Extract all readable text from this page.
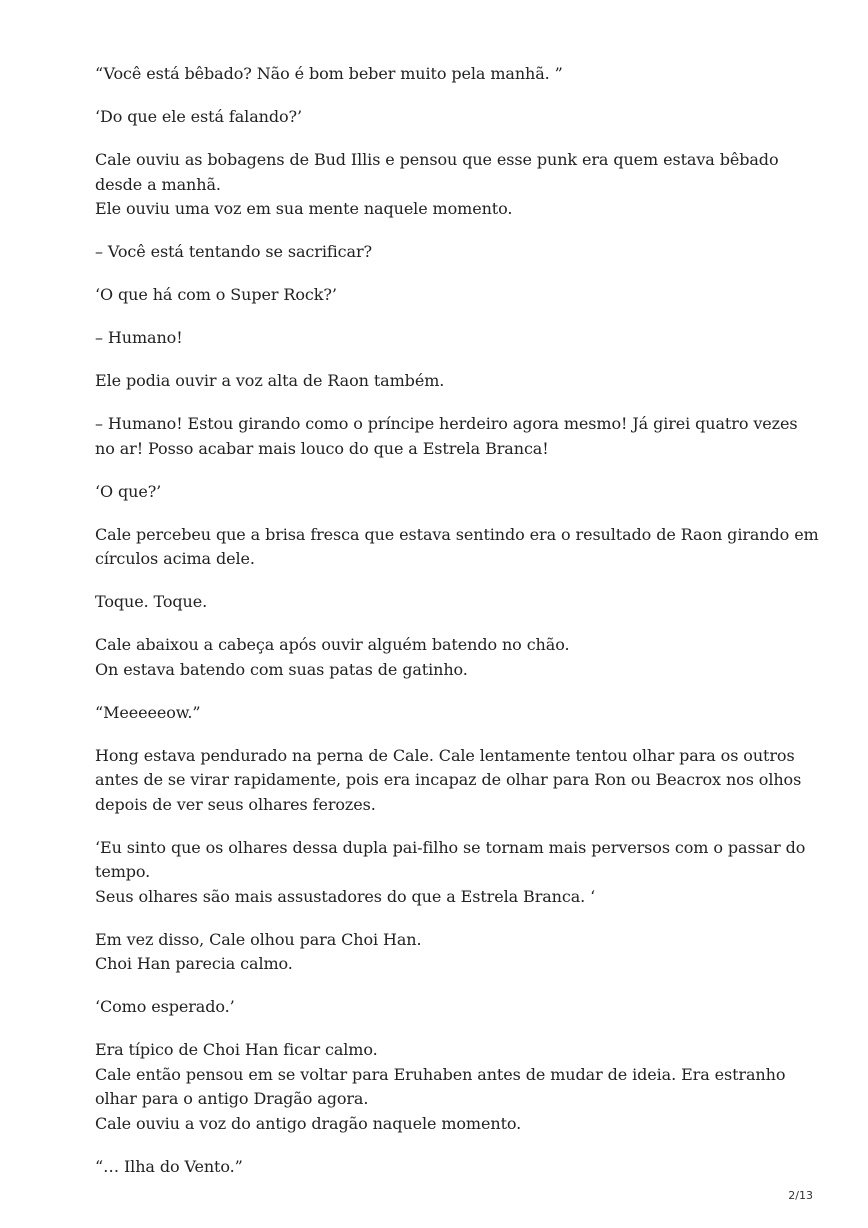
“Você está bêbado? Não é bom beber muito pela manhã. ”

‘Do que ele está falando?’

Cale ouviu as bobagens de Bud Illis e pensou que esse punk era quem estava bêbado
desde a manhã.
Ele ouviu uma voz em sua mente naquele momento.

– Você está tentando se sacrificar?

‘O que há com o Super Rock?’

– Humano!

Ele podia ouvir a voz alta de Raon também.

– Humano! Estou girando como o príncipe herdeiro agora mesmo! Já girei quatro vezes
no ar! Posso acabar mais louco do que a Estrela Branca!

‘O que?’

Cale percebeu que a brisa fresca que estava sentindo era o resultado de Raon girando em
círculos acima dele.

Toque. Toque.

Cale abaixou a cabeça após ouvir alguém batendo no chão.
On estava batendo com suas patas de gatinho.

“Meeeeeow.”

Hong estava pendurado na perna de Cale. Cale lentamente tentou olhar para os outros
antes de se virar rapidamente, pois era incapaz de olhar para Ron ou Beacrox nos olhos
depois de ver seus olhares ferozes.

‘Eu sinto que os olhares dessa dupla pai-filho se tornam mais perversos com o passar do
tempo.
Seus olhares são mais assustadores do que a Estrela Branca. ‘

Em vez disso, Cale olhou para Choi Han.
Choi Han parecia calmo.

‘Como esperado.’

Era típico de Choi Han ficar calmo.
Cale então pensou em se voltar para Eruhaben antes de mudar de ideia. Era estranho
olhar para o antigo Dragão agora.
Cale ouviu a voz do antigo dragão naquele momento.

“… Ilha do Vento.”

2/13
